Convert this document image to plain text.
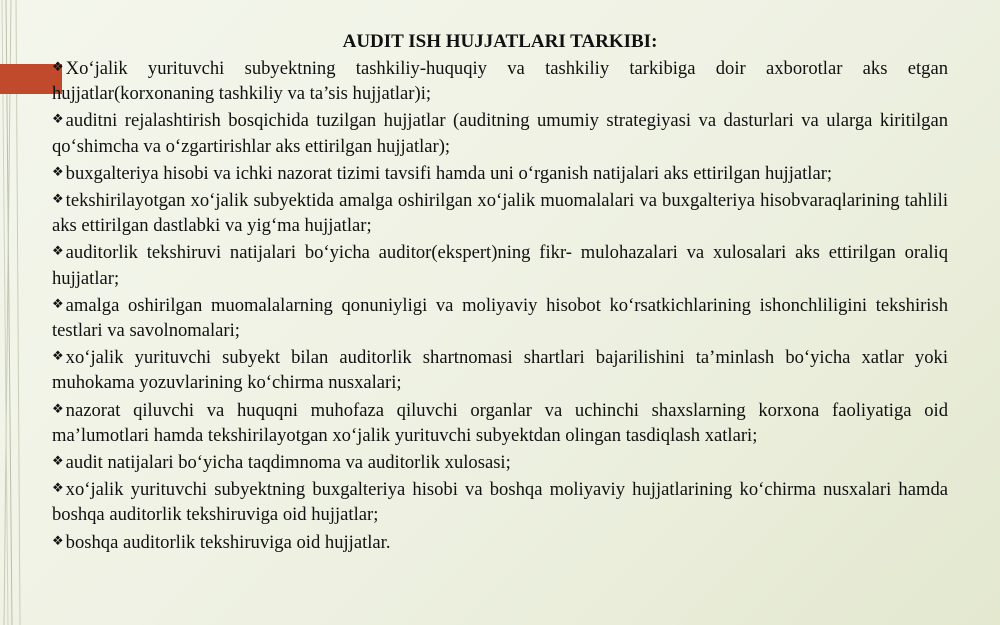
AUDIT ISH HUJJATLARI TARKIBI:
❖ Xo‘jalik yurituvchi subyektning tashkiliy-huquqiy va tashkiliy tarkibiga doir axborotlar aks etgan hujjatlar(korxonaning tashkiliy va ta’sis hujjatlar)i;
❖ auditni rejalashtirish bosqichida tuzilgan hujjatlar (auditning umumiy strategiyasi va dasturlari va ularga kiritilgan qo‘shimcha va o‘zgartirishlar aks ettirilgan hujjatlar);
❖ buxgalteriya hisobi va ichki nazorat tizimi tavsifi hamda uni o‘rganish natijalari aks ettirilgan hujjatlar;
❖ tekshirilayotgan xo‘jalik subyektida amalga oshirilgan xo‘jalik muomalalari va buxgalteriya hisobvaraqlarining tahlili aks ettirilgan dastlabki va yig‘ma hujjatlar;
❖ auditorlik tekshiruvi natijalari bo‘yicha auditor(ekspert)ning fikr- mulohazalari va xulosalari aks ettirilgan oraliq hujjatlar;
❖ amalga oshirilgan muomalalarning qonuniyligi va moliyaviy hisobot ko‘rsatkichlarining ishonchliligini tekshirish testlari va savolnomalari;
❖ xo‘jalik yurituvchi subyekt bilan auditorlik shartnomasi shartlari bajarilishini ta’minlash bo‘yicha xatlar yoki muhokama yozuvlarining ko‘chirma nusxalari;
❖ nazorat qiluvchi va huquqni muhofaza qiluvchi organlar va uchinchi shaxslarning korxona faoliyatiga oid ma’lumotlari hamda tekshirilayotgan xo‘jalik yurituvchi subyektdan olingan tasdiqlash xatlari;
❖ audit natijalari bo‘yicha taqdimnoma va auditorlik xulosasi;
❖ xo‘jalik yurituvchi subyektning buxgalteriya hisobi va boshqa moliyaviy hujjatlarining ko‘chirma nusxalari hamda boshqa auditorlik tekshiruviga oid hujjatlar;
❖ boshqa auditorlik tekshiruviga oid hujjatlar.
